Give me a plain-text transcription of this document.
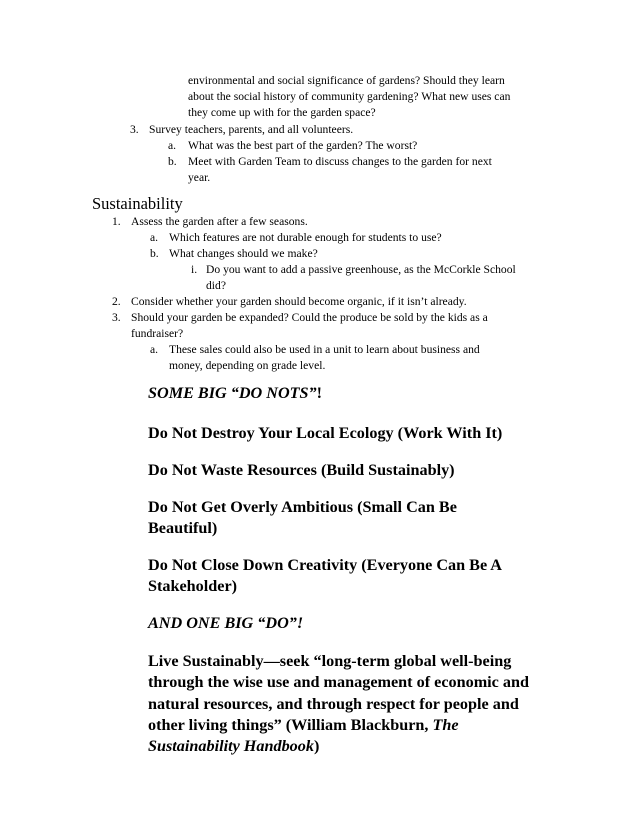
environmental and social significance of gardens? Should they learn
about the social history of community gardening? What new uses can
they come up with for the garden space?
3. Survey teachers, parents, and all volunteers.
a. What was the best part of the garden? The worst?
b. Meet with Garden Team to discuss changes to the garden for next
year.
Sustainability
1. Assess the garden after a few seasons.
a. Which features are not durable enough for students to use?
b. What changes should we make?
i. Do you want to add a passive greenhouse, as the McCorkle School
did?
2. Consider whether your garden should become organic, if it isn’t already.
3. Should your garden be expanded? Could the produce be sold by the kids as a
fundraiser?
a. These sales could also be used in a unit to learn about business and
money, depending on grade level.
SOME BIG “DO NOTS”!
Do Not Destroy Your Local Ecology (Work With It)
Do Not Waste Resources (Build Sustainably)
Do Not Get Overly Ambitious (Small Can Be
Beautiful)
Do Not Close Down Creativity (Everyone Can Be A
Stakeholder)
AND ONE BIG “DO”!
Live Sustainably—seek “long-term global well-being
through the wise use and management of economic and
natural resources, and through respect for people and
other living things” (William Blackburn, The
Sustainability Handbook)
